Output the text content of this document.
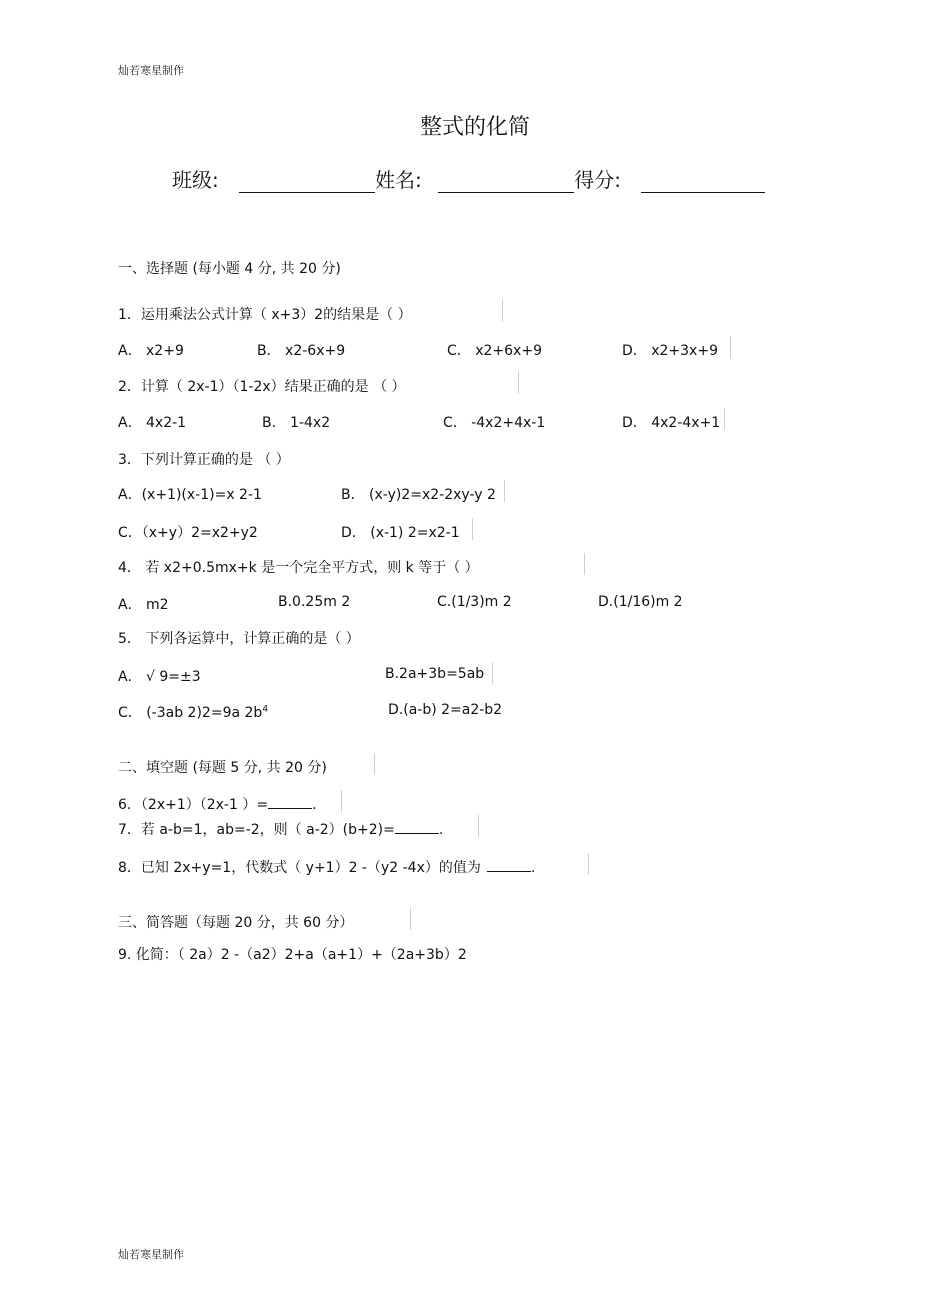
灿若寒星制作
整式的化简
班级:	姓名:	得分:
一、选择题 (每小题 4 分, 共 20 分)
1．运用乘法公式计算（ x+3）2的结果是（ ）
A． x2+9	B． x2-6x+9	C． x2+6x+9	D． x2+3x+9
2．计算（ 2x-1）（1-2x）结果正确的是 （ ）
A． 4x2-1	B． 1-4x2	C． -4x2+4x-1	D． 4x2-4x+1
3．下列计算正确的是 （ ）
A．(x+1)(x-1)=x 2-1	B． (x-y)2=x2-2xy-y 2
C．（x+y）2=x2+y2	D． (x-1) 2=x2-1
4． 若 x2+0.5mx+k 是一个完全平方式，则 k 等于（ ）
A． m2	B.0.25m 2	C.(1/3)m 2	D.(1/16)m 2
5． 下列各运算中，计算正确的是（ ）
A． √ 9=±3	B.2a+3b=5ab
C． (-3ab 2)2=9a $2b^4$	D.(a-b) 2=a2-b2
二、填空题 (每题 5 分, 共 20 分)
6．（2x+1）（2x-1 ）=	.
7．若 a-b=1，ab=-2，则（ a-2）(b+2)=	.
8．已知 2x+y=1，代数式（ y+1）2 -（y2 -4x）的值为	.
三、简答题（每题 20 分，共 60 分）
9. 化简：（ 2a）2 -（a2）2+a（a+1）+（2a+3b）2
灿若寒星制作
